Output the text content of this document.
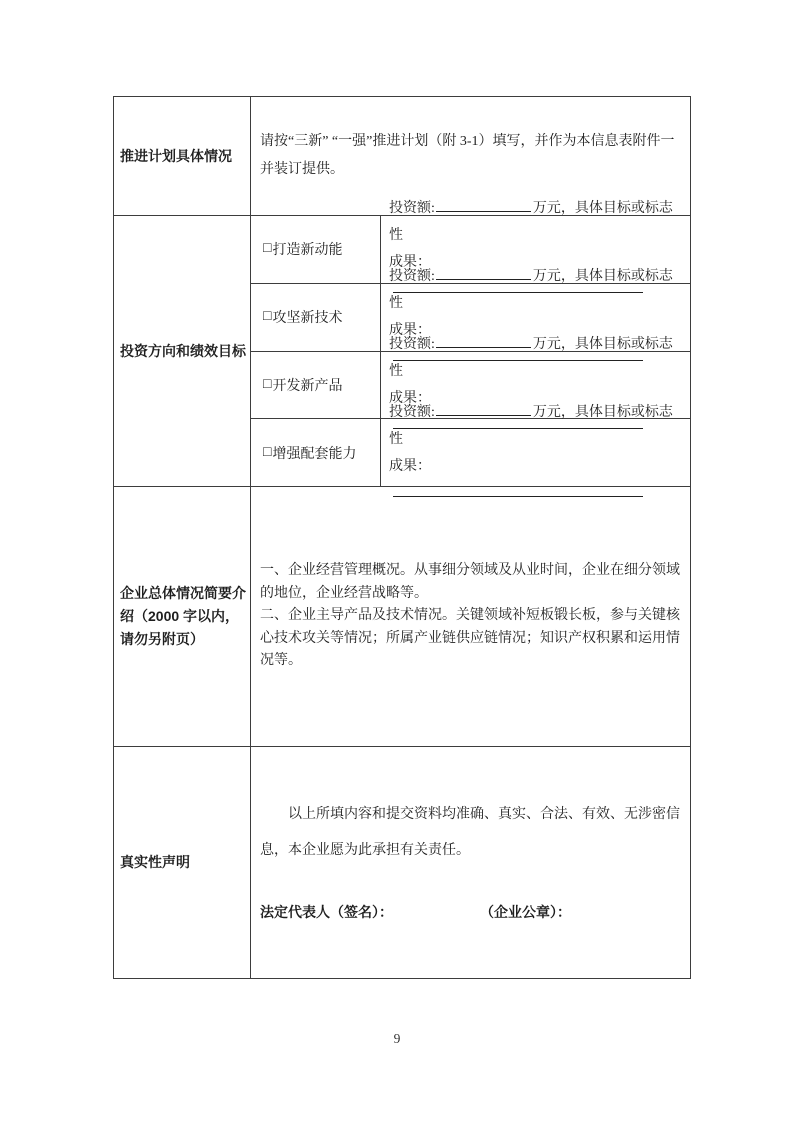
推进计划具体情况
请按“三新” “一强”推进计划（附 3-1）填写，并作为本信息表附件一并装订提供。
投资方向和绩效目标
□ 打造新动能
投资额:	万元，具体目标或标志性
成果：
□ 攻坚新技术
投资额:	万元，具体目标或标志性
成果：
□ 开发新产品
投资额:	万元，具体目标或标志性
成果：
□ 增强配套能力
投资额:	万元，具体目标或标志性
成果：
企业总体情况简要介绍（2000 字以内，请勿另附页）
一、企业经营管理概况。从事细分领域及从业时间，企业在细分领域的地位，企业经营战略等。
二、企业主导产品及技术情况。关键领域补短板锻长板，参与关键核心技术攻关等情况；所属产业链供应链情况；知识产权积累和运用情况等。
真实性声明

以上所填内容和提交资料均准确、真实、合法、有效、无涉密信息，本企业愿为此承担有关责任。

法定代表人（签名）：	（企业公章）：
9
